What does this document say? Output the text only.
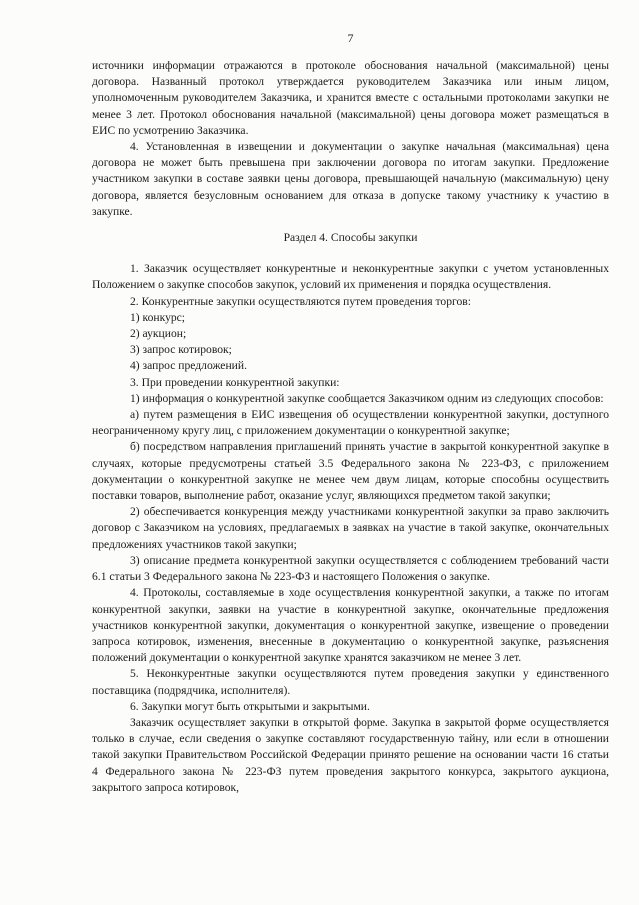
7

источники информации отражаются в протоколе обоснования начальной (максимальной) цены договора. Названный протокол утверждается руководителем Заказчика или иным лицом, уполномоченным руководителем Заказчика, и хранится вместе с остальными протоколами закупки не менее 3 лет. Протокол обоснования начальной (максимальной) цены договора может размещаться в ЕИС по усмотрению Заказчика.

4. Установленная в извещении и документации о закупке начальная (максимальная) цена договора не может быть превышена при заключении договора по итогам закупки. Предложение участником закупки в составе заявки цены договора, превышающей начальную (максимальную) цену договора, является безусловным основанием для отказа в допуске такому участнику к участию в закупке.

Раздел 4. Способы закупки

1. Заказчик осуществляет конкурентные и неконкурентные закупки с учетом установленных Положением о закупке способов закупок, условий их применения и порядка осуществления.

2. Конкурентные закупки осуществляются путем проведения торгов:

1) конкурс;

2) аукцион;

3) запрос котировок;

4) запрос предложений.

3. При проведении конкурентной закупки:

1) информация о конкурентной закупке сообщается Заказчиком одним из следующих способов:

а) путем размещения в ЕИС извещения об осуществлении конкурентной закупки, доступного неограниченному кругу лиц, с приложением документации о конкурентной закупке;

б) посредством направления приглашений принять участие в закрытой конкурентной закупке в случаях, которые предусмотрены статьей 3.5 Федерального закона № 223-ФЗ, с приложением документации о конкурентной закупке не менее чем двум лицам, которые способны осуществить поставки товаров, выполнение работ, оказание услуг, являющихся предметом такой закупки;

2) обеспечивается конкуренция между участниками конкурентной закупки за право заключить договор с Заказчиком на условиях, предлагаемых в заявках на участие в такой закупке, окончательных предложениях участников такой закупки;

3) описание предмета конкурентной закупки осуществляется с соблюдением требований части 6.1 статьи 3 Федерального закона № 223-ФЗ и настоящего Положения о закупке.

4. Протоколы, составляемые в ходе осуществления конкурентной закупки, а также по итогам конкурентной закупки, заявки на участие в конкурентной закупке, окончательные предложения участников конкурентной закупки, документация о конкурентной закупке, извещение о проведении запроса котировок, изменения, внесенные в документацию о конкурентной закупке, разъяснения положений документации о конкурентной закупке хранятся заказчиком не менее 3 лет.

5. Неконкурентные закупки осуществляются путем проведения закупки у единственного поставщика (подрядчика, исполнителя).

6. Закупки могут быть открытыми и закрытыми.

Заказчик осуществляет закупки в открытой форме. Закупка в закрытой форме осуществляется только в случае, если сведения о закупке составляют государственную тайну, или если в отношении такой закупки Правительством Российской Федерации принято решение на основании части 16 статьи 4 Федерального закона № 223-ФЗ путем проведения закрытого конкурса, закрытого аукциона, закрытого запроса котировок,
